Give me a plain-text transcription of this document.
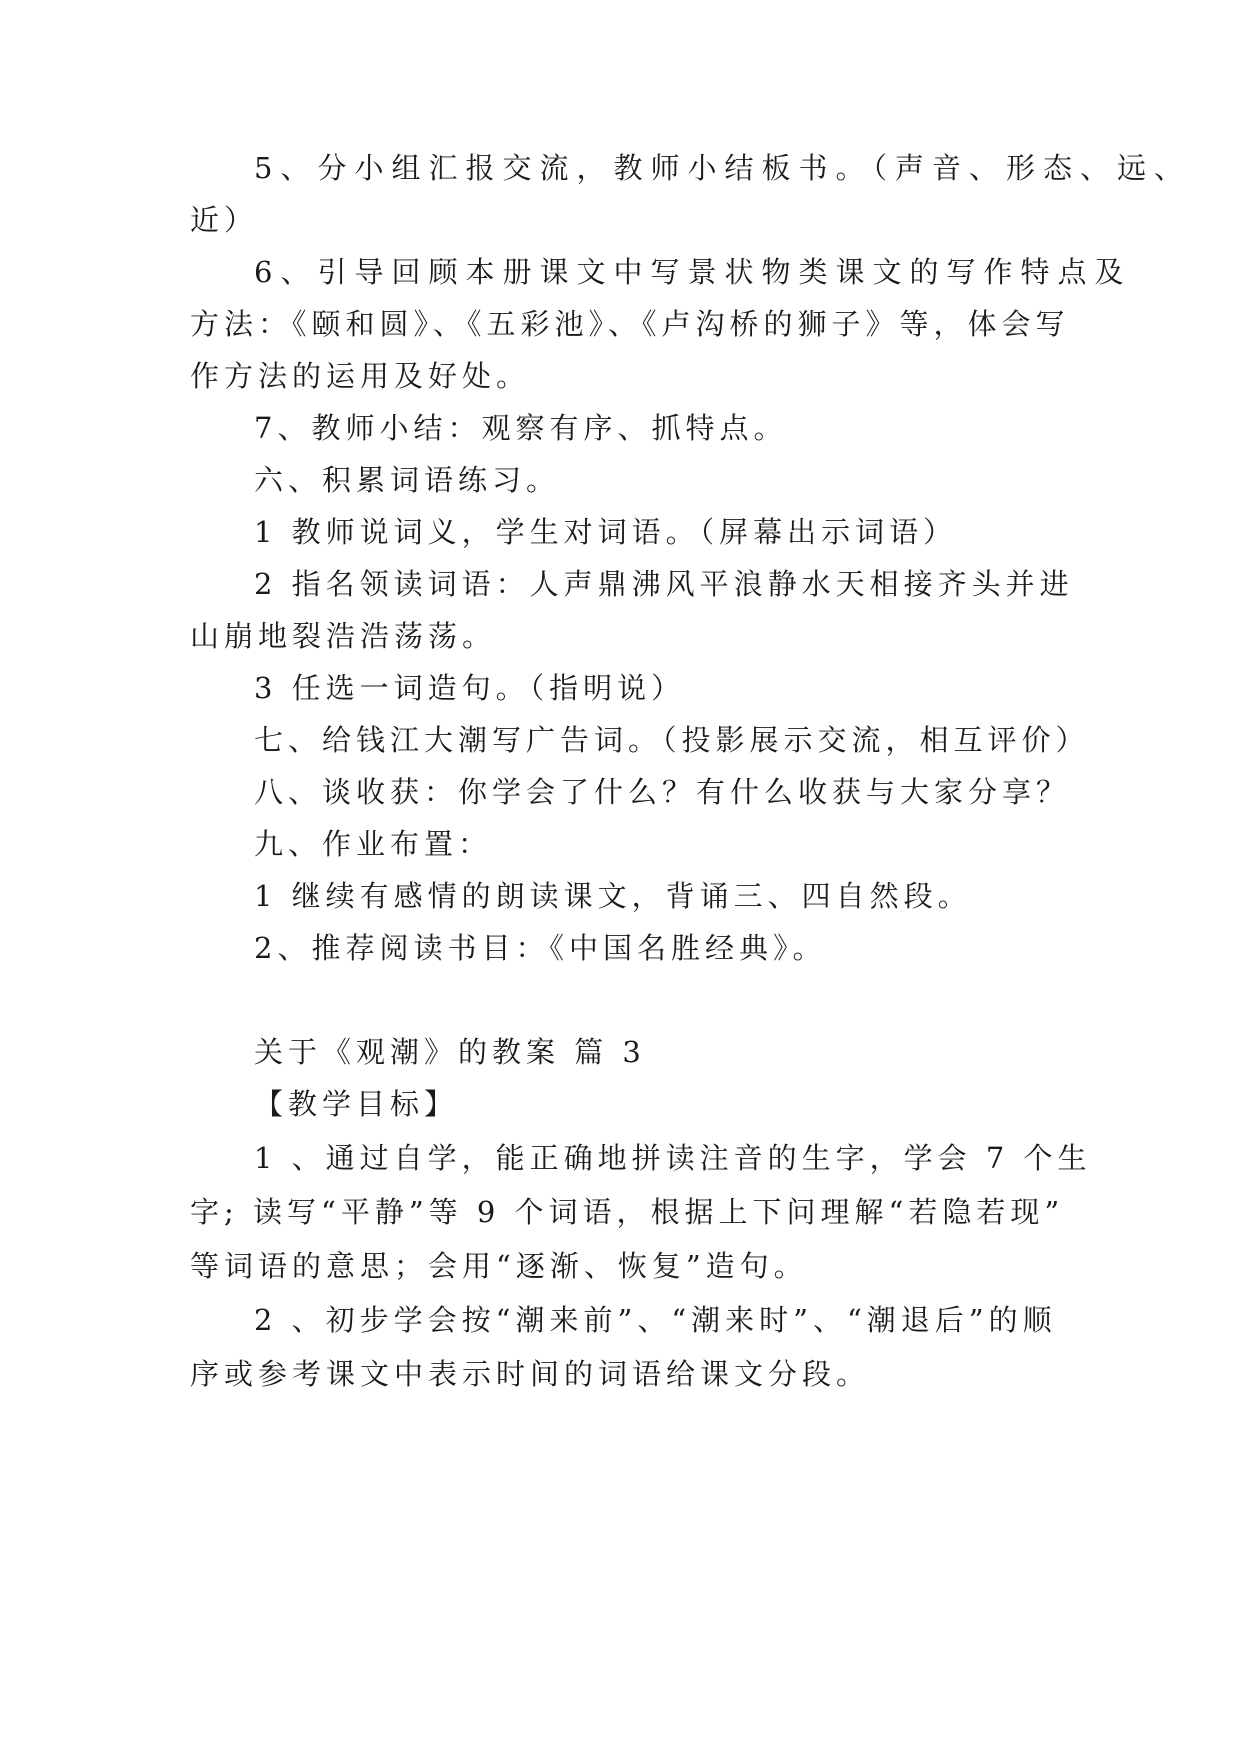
5、分小组汇报交流，教师小结板书。（声音、形态、远、
近）
6、引导回顾本册课文中写景状物类课文的写作特点及
方法：《颐和圆》、《五彩池》、《卢沟桥的狮子》等，体会写
作方法的运用及好处。
7、教师小结：观察有序、抓特点。
六、积累词语练习。
1 教师说词义，学生对词语。（屏幕出示词语）
2 指名领读词语：人声鼎沸风平浪静水天相接齐头并进
山崩地裂浩浩荡荡。
3 任选一词造句。（指明说）
七、给钱江大潮写广告词。（投影展示交流，相互评价）
八、谈收获：你学会了什么？有什么收获与大家分享？
九、作业布置：
1 继续有感情的朗读课文，背诵三、四自然段。
2、推荐阅读书目：《中国名胜经典》。
关于《观潮》的教案 篇 3
【教学目标】
1 、通过自学，能正确地拼读注音的生字，学会 7 个生
字; 读写“平静”等 9 个词语，根据上下问理解“若隐若现”
等词语的意思；会用“逐渐、恢复”造句。
2 、初步学会按“潮来前”、“潮来时”、“潮退后”的顺
序或参考课文中表示时间的词语给课文分段。
